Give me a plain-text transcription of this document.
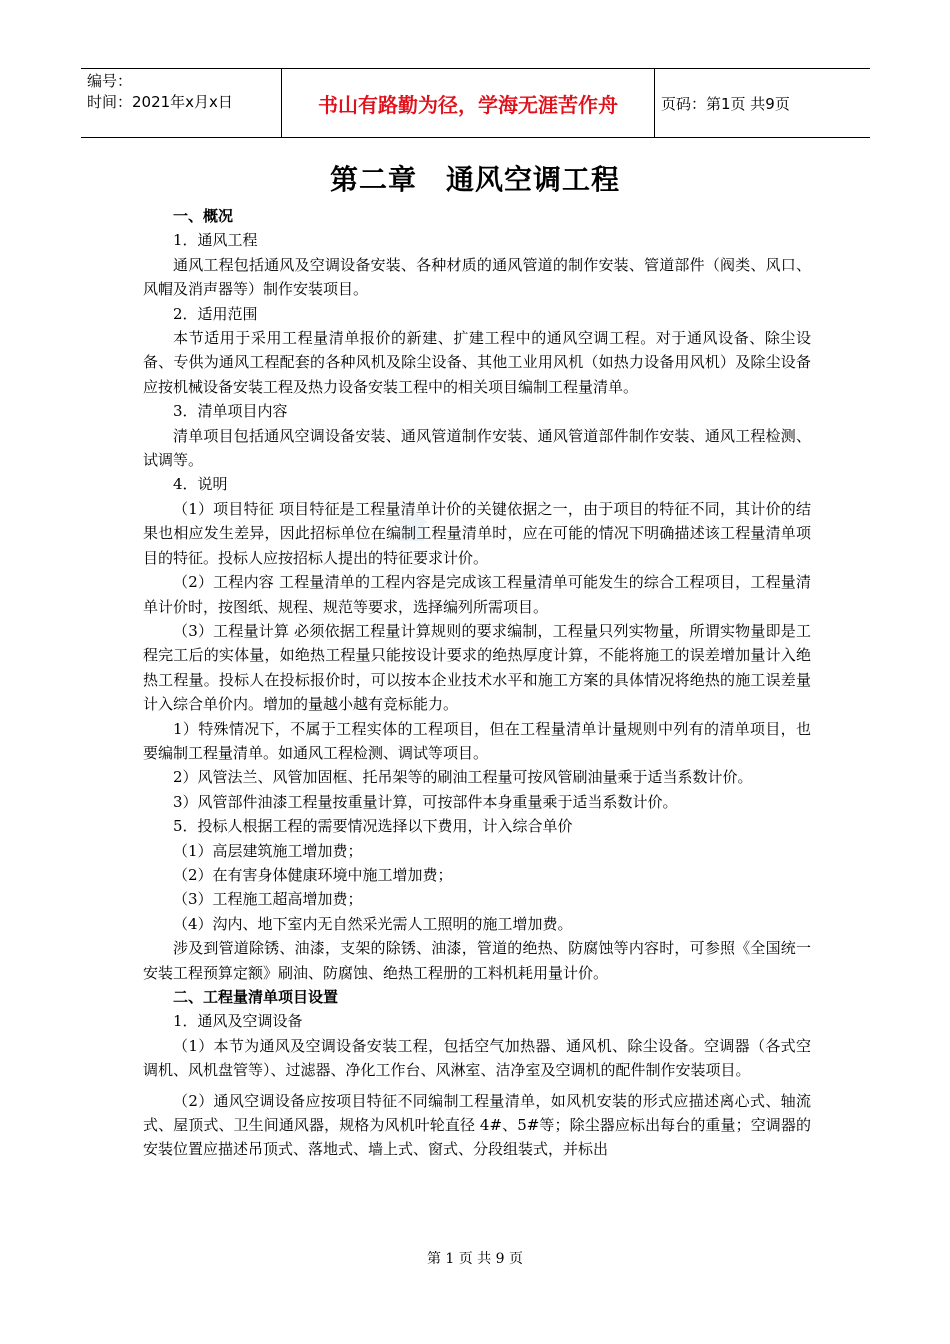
编号：
时间：2021年x月x日	书山有路勤为径，学海无涯苦作舟	页码：第1页 共9页
第二章　通风空调工程

一、概况

1．通风工程

通风工程包括通风及空调设备安装、各种材质的通风管道的制作安装、管道部件（阀类、风口、风帽及消声器等）制作安装项目。

2．适用范围

本节适用于采用工程量清单报价的新建、扩建工程中的通风空调工程。对于通风设备、除尘设备、专供为通风工程配套的各种风机及除尘设备、其他工业用风机（如热力设备用风机）及除尘设备应按机械设备安装工程及热力设备安装工程中的相关项目编制工程量清单。

3．清单项目内容

清单项目包括通风空调设备安装、通风管道制作安装、通风管道部件制作安装、通风工程检测、试调等。

4．说明

（1）项目特征 项目特征是工程量清单计价的关键依据之一，由于项目的特征不同，其计价的结果也相应发生差异，因此招标单位在编制工程量清单时，应在可能的情况下明确描述该工程量清单项目的特征。投标人应按招标人提出的特征要求计价。

（2）工程内容 工程量清单的工程内容是完成该工程量清单可能发生的综合工程项目，工程量清单计价时，按图纸、规程、规范等要求，选择编列所需项目。

（3）工程量计算 必须依据工程量计算规则的要求编制，工程量只列实物量，所谓实物量即是工程完工后的实体量，如绝热工程量只能按设计要求的绝热厚度计算，不能将施工的误差增加量计入绝热工程量。投标人在投标报价时，可以按本企业技术水平和施工方案的具体情况将绝热的施工误差量计入综合单价内。增加的量越小越有竞标能力。

1）特殊情况下，不属于工程实体的工程项目，但在工程量清单计量规则中列有的清单项目，也要编制工程量清单。如通风工程检测、调试等项目。

2）风管法兰、风管加固框、托吊架等的刷油工程量可按风管刷油量乘于适当系数计价。

3）风管部件油漆工程量按重量计算，可按部件本身重量乘于适当系数计价。

5．投标人根据工程的需要情况选择以下费用，计入综合单价

（1）高层建筑施工增加费；

（2）在有害身体健康环境中施工增加费；

（3）工程施工超高增加费；

（4）沟内、地下室内无自然采光需人工照明的施工增加费。

涉及到管道除锈、油漆，支架的除锈、油漆，管道的绝热、防腐蚀等内容时，可参照《全国统一安装工程预算定额》刷油、防腐蚀、绝热工程册的工料机耗用量计价。

二、工程量清单项目设置

1．通风及空调设备

（1）本节为通风及空调设备安装工程，包括空气加热器、通风机、除尘设备。空调器（各式空调机、风机盘管等）、过滤器、净化工作台、风淋室、洁净室及空调机的配件制作安装项目。

（2）通风空调设备应按项目特征不同编制工程量清单，如风机安装的形式应描述离心式、轴流式、屋顶式、卫生间通风器，规格为风机叶轮直径 4#、5#等；除尘器应标出每台的重量；空调器的安装位置应描述吊顶式、落地式、墙上式、窗式、分段组装式，并标出

第 1 页 共 9 页
